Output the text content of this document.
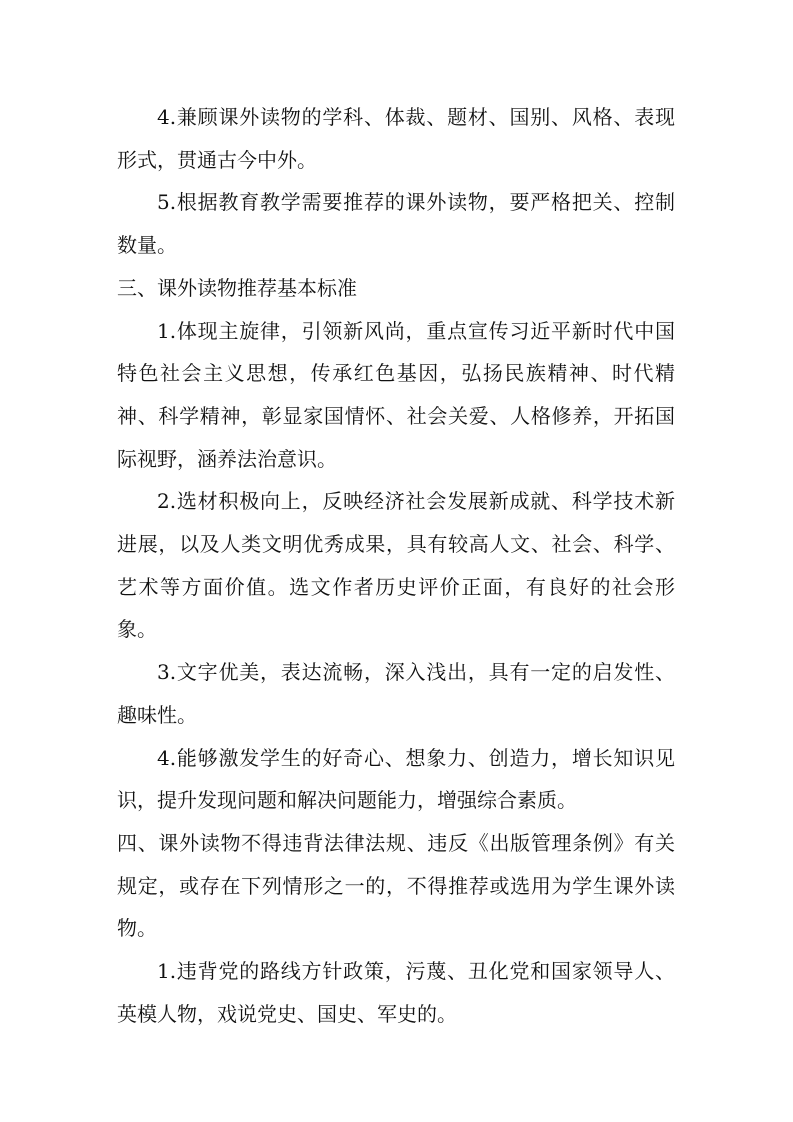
4.兼顾课外读物的学科、体裁、题材、国别、风格、表现形式，贯通古今中外。

5.根据教育教学需要推荐的课外读物，要严格把关、控制数量。

三、课外读物推荐基本标准

1.体现主旋律，引领新风尚，重点宣传习近平新时代中国特色社会主义思想，传承红色基因，弘扬民族精神、时代精神、科学精神，彰显家国情怀、社会关爱、人格修养，开拓国际视野，涵养法治意识。

2.选材积极向上，反映经济社会发展新成就、科学技术新进展，以及人类文明优秀成果，具有较高人文、社会、科学、艺术等方面价值。选文作者历史评价正面，有良好的社会形象。

3.文字优美，表达流畅，深入浅出，具有一定的启发性、趣味性。

4.能够激发学生的好奇心、想象力、创造力，增长知识见识，提升发现问题和解决问题能力，增强综合素质。

四、课外读物不得违背法律法规、违反《出版管理条例》有关规定，或存在下列情形之一的，不得推荐或选用为学生课外读物。

1.违背党的路线方针政策，污蔑、丑化党和国家领导人、英模人物，戏说党史、国史、军史的。
